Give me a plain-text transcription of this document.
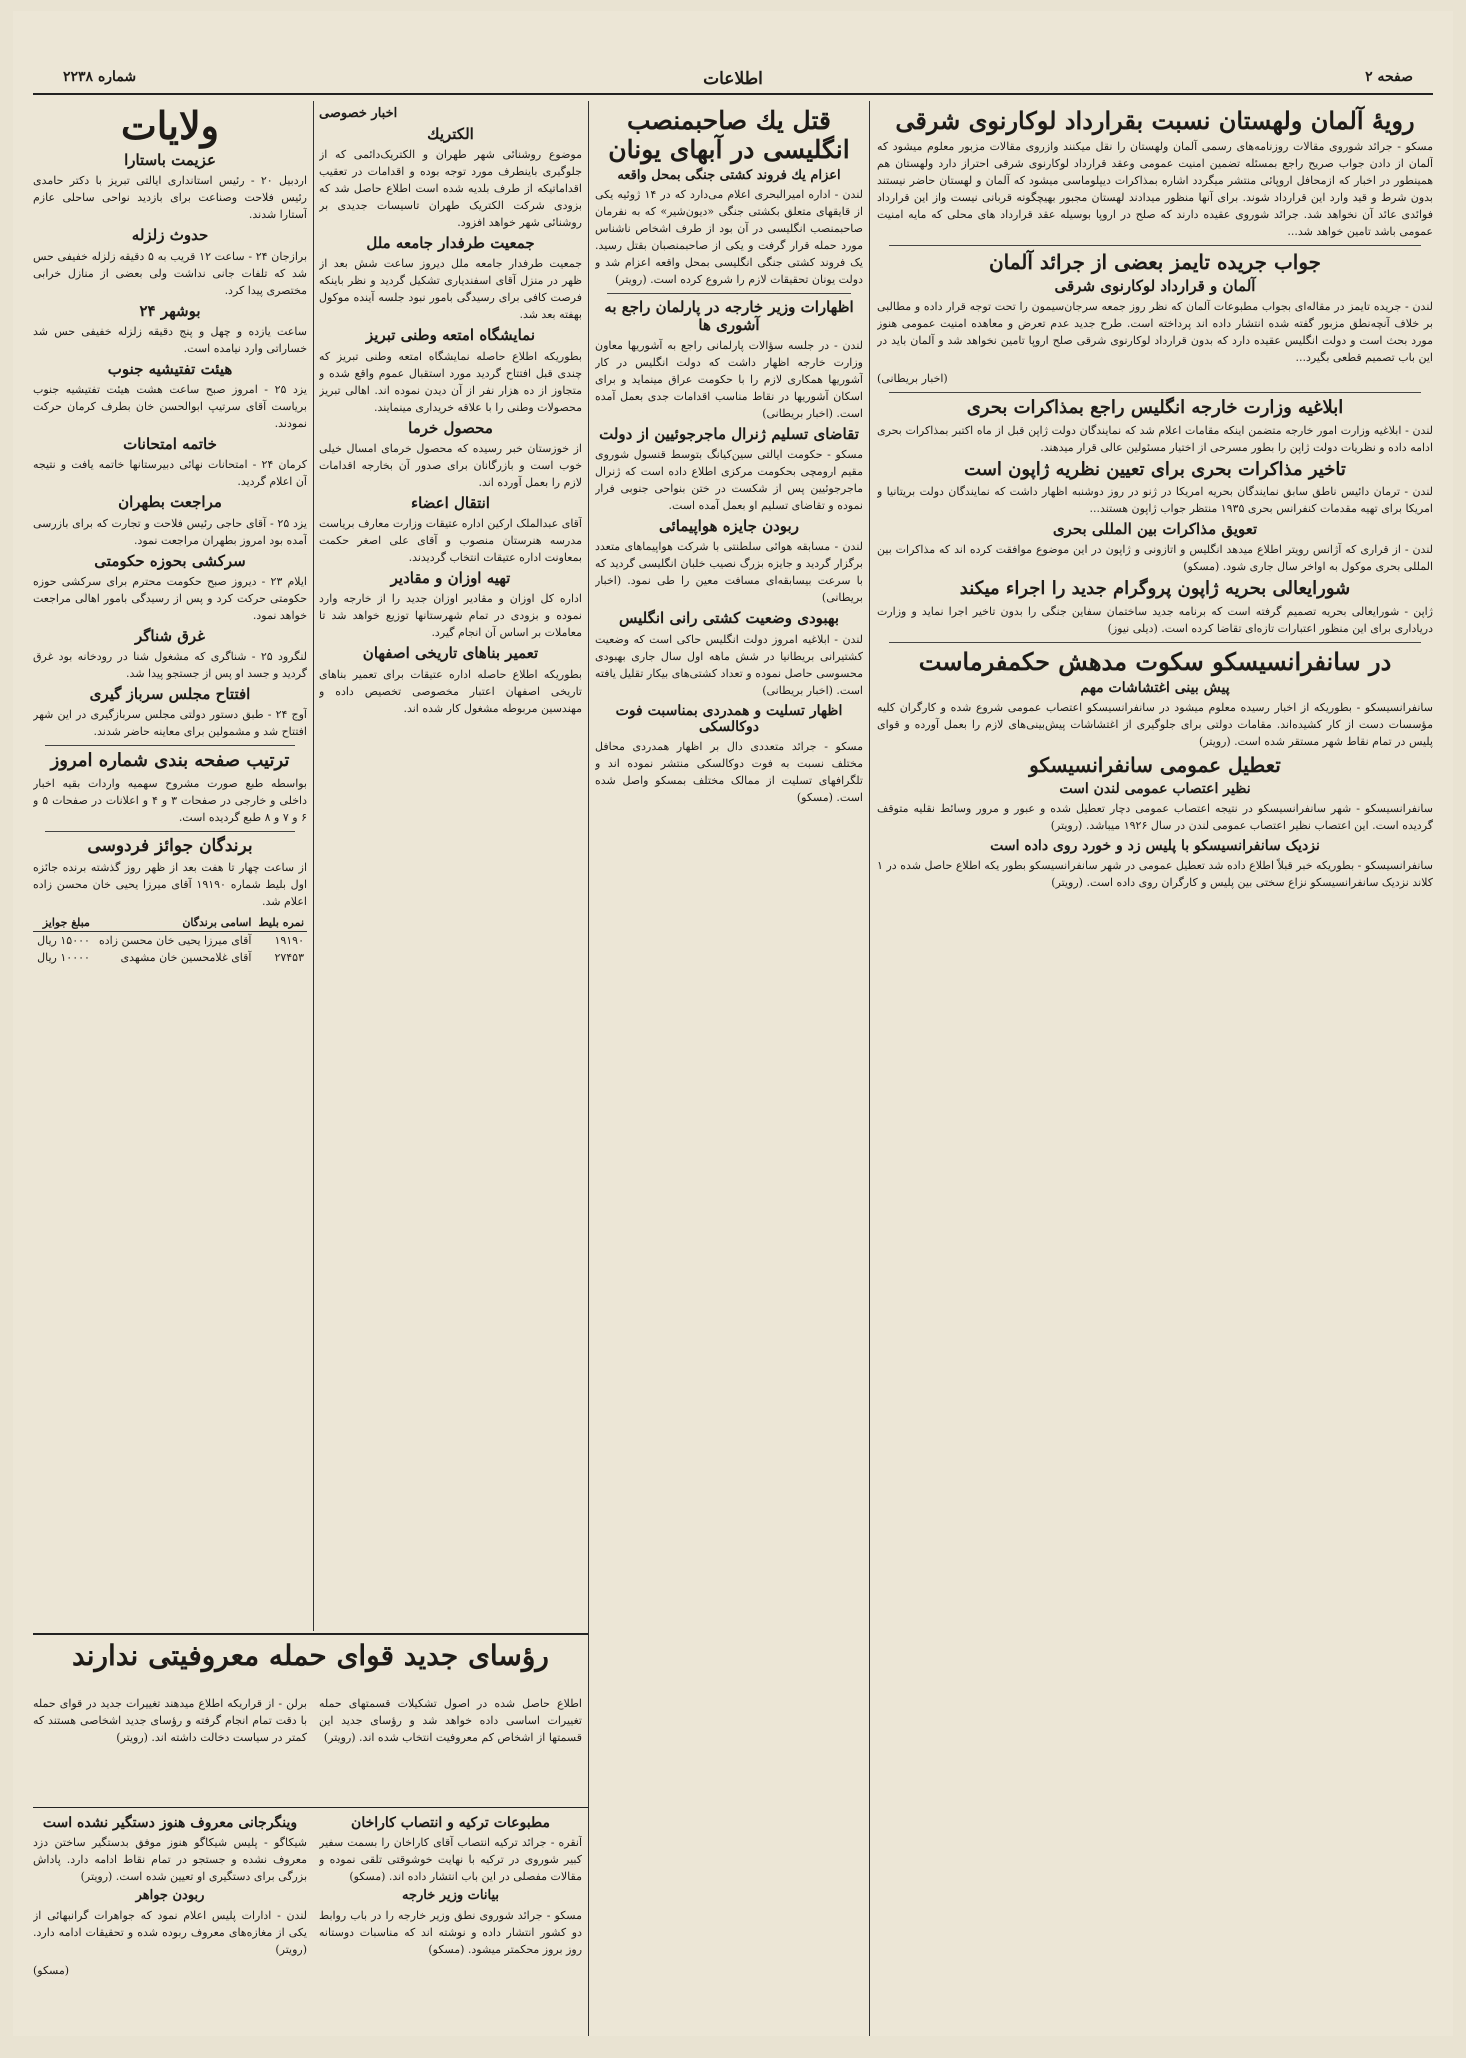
شماره ۲۲۳۸	اطلاعات	صفحه ۲
رویهٔ آلمان ولهستان نسبت بقرارداد لوکارنوی شرقی

مسکو - جرائد شوروی مقالات روزنامه‌های رسمی آلمان ولهستان را نقل میکنند وازروی مقالات مزبور معلوم میشود که آلمان از دادن جواب صریح راجع بمسئله تضمین امنیت عمومی وعقد قرارداد لوکارنوی شرقی احتراز دارد ولهستان هم همینطور در اخبار که ازمحافل اروپائی منتشر میگردد اشاره بمذاکرات دیپلوماسی میشود که آلمان و لهستان حاضر نیستند بدون شرط و قید وارد این قرارداد شوند. برای آنها منظور میدادند لهستان مجبور بهیچگونه قربانی نیست واز این قرارداد فوائدی عائد آن نخواهد شد. جرائد شوروی عقیده دارند که صلح در اروپا بوسیله عقد قرارداد های محلی که مایه امنیت عمومی باشد تامین خواهد شد...

جواب جریده تایمز بعضی از جرائد آلمان
آلمان و قرارداد لوکارنوی شرقی

لندن - جریده تایمز در مقاله‌ای بجواب مطبوعات آلمان که نظر روز جمعه سرجان‌سیمون را تحت توجه قرار داده و مطالبی بر خلاف آنچه‌نطق مزبور گفته شده انتشار داده اند پرداخته است. طرح جدید عدم تعرض و معاهده امنیت عمومی هنوز مورد بحث است و دولت انگلیس عقیده دارد که بدون قرارداد لوکارنوی شرقی صلح اروپا تامین نخواهد شد و آلمان باید در این باب تصمیم قطعی بگیرد...

(اخبار بریطانی)

ابلاغیه وزارت خارجه انگلیس راجع بمذاکرات بحری

لندن - ابلاغیه وزارت امور خارجه متضمن اینکه مقامات اعلام شد که نمایندگان دولت ژاپن قبل از ماه اکتبر بمذاکرات بحری ادامه داده و نظریات دولت ژاپن را بطور مسرحی از اختیار مسئولین عالی قرار میدهند.

تاخیر مذاکرات بحری برای تعیین نظریه ژاپون است

لندن - ترمان دائیس ناطق سابق نمایندگان بحریه امریکا در ژنو در روز دوشنبه اظهار داشت که نمایندگان دولت بریتانیا و امریکا برای تهیه مقدمات کنفرانس بحری ۱۹۳۵ منتظر جواب ژاپون هستند...

تعویق مذاکرات بین المللی بحری

لندن - از قراری که آژانس رویتر اطلاع میدهد انگلیس و اتازونی و ژاپون در این موضوع موافقت کرده اند که مذاکرات بین المللی بحری موکول به اواخر سال جاری شود. (مسکو)

شورایعالی بحریه ژاپون پروگرام جدید را اجراء میکند

ژاپن - شورایعالی بحریه تصمیم گرفته است که برنامه جدید ساختمان سفاین جنگی را بدون تاخیر اجرا نماید و وزارت دریاداری برای این منظور اعتبارات تازه‌ای تقاضا کرده است. (دیلی نیوز)

در سانفرانسیسکو سکوت مدهش حکمفرماست
پیش بینی اغتشاشات مهم

سانفرانسیسکو - بطوریکه از اخبار رسیده معلوم میشود در سانفرانسیسکو اعتصاب عمومی شروع شده و کارگران کلیه مؤسسات دست از کار کشیده‌اند. مقامات دولتی برای جلوگیری از اغتشاشات پیش‌بینی‌های لازم را بعمل آورده و قوای پلیس در تمام نقاط شهر مستقر شده است. (رویتر)

تعطیل عمومی سانفرانسیسکو
نظیر اعتصاب عمومی لندن است

سانفرانسیسکو - شهر سانفرانسیسکو در نتیجه اعتصاب عمومی دچار تعطیل شده و عبور و مرور وسائط نقلیه متوقف گردیده است. این اعتصاب نظیر اعتصاب عمومی لندن در سال ۱۹۲۶ میباشد. (رویتر)

نزدیک سانفرانسیسکو با پلیس زد و خورد روی داده است

سانفرانسیسکو - بطوریکه خبر قبلاً اطلاع داده شد تعطیل عمومی در شهر سانفرانسیسکو بطور یکه اطلاع حاصل شده در ۱ کلاند نزدیک سانفرانسیسکو نزاع سختی بین پلیس و کارگران روی داده است. (رویتر)

قتل یك صاحبمنصب انگلیسی در آبهای یونان
اعزام یك فروند کشتی جنگی بمحل واقعه

لندن - اداره امیرالبحری اعلام می‌دارد که در ۱۴ ژوئیه یکی از قایقهای متعلق بکشتی جنگی «دیون‌شیر» که به نفرمان صاحبمنصب انگلیسی در آن بود از طرف اشخاص ناشناس مورد حمله قرار گرفت و یکی از صاحبمنصبان بقتل رسید. یک فروند کشتی جنگی انگلیسی بمحل واقعه اعزام شد و دولت یونان تحقیقات لازم را شروع کرده است. (رویتر)

اظهارات وزیر خارجه در پارلمان راجع به آشوری ها

لندن - در جلسه سؤالات پارلمانی راجع به آشوریها معاون وزارت خارجه اظهار داشت که دولت انگلیس در کار آشوریها همکاری لازم را با حکومت عراق مینماید و برای اسکان آشوریها در نقاط مناسب اقدامات جدی بعمل آمده است. (اخبار بریطانی)

تقاضای تسلیم ژنرال ماجرجوئیین از دولت

مسکو - حکومت ایالتی سین‌کیانگ بتوسط قنسول شوروی مقیم ارومچی بحکومت مرکزی اطلاع داده است که ژنرال ماجرجوئیین پس از شکست در ختن بنواحی جنوبی فرار نموده و تقاضای تسلیم او بعمل آمده است.

ربودن جایزه هواپیمائی

لندن - مسابقه هوائی سلطنتی با شرکت هواپیماهای متعدد برگزار گردید و جایزه بزرگ نصیب خلبان انگلیسی گردید که با سرعت بیسابقه‌ای مسافت معین را طی نمود. (اخبار بریطانی)

بهبودی وضعیت کشتی رانی انگلیس

لندن - ابلاغیه امروز دولت انگلیس حاکی است که وضعیت کشتیرانی بریطانیا در شش ماهه اول سال جاری بهبودی محسوسی حاصل نموده و تعداد کشتی‌های بیکار تقلیل یافته است. (اخبار بریطانی)

اظهار تسلیت و همدردی بمناسبت فوت دوکالسکی

مسکو - جرائد متعددی دال بر اظهار همدردی محافل مختلف نسبت به فوت دوکالسکی منتشر نموده اند و تلگرافهای تسلیت از ممالک مختلف بمسکو واصل شده است. (مسکو)

اخبار خصوصی
الکتریك

موضوع روشنائی شهر طهران و الکتریک‌دائمی که از جلوگیری باینطرف مورد توجه بوده و اقدامات در تعقیب اقداماتیکه از طرف بلدیه شده است اطلاع حاصل شد که بزودی شرکت الکتریک طهران تاسیسات جدیدی بر روشنائی شهر خواهد افزود.

جمعیت طرفدار جامعه ملل

جمعیت طرفدار جامعه ملل دیروز ساعت شش بعد از ظهر در منزل آقای اسفندیاری تشکیل گردید و نظر باینکه فرصت کافی برای رسیدگی بامور نبود جلسه آینده موکول بهفته بعد شد.

نمایشگاه امتعه وطنی تبریز

بطوریکه اطلاع حاصله نمایشگاه امتعه وطنی تبریز که چندی قبل افتتاح گردید مورد استقبال عموم واقع شده و متجاوز از ده هزار نفر از آن دیدن نموده اند. اهالی تبریز محصولات وطنی را با علاقه خریداری مینمایند.

محصول خرما

از خوزستان خبر رسیده که محصول خرمای امسال خیلی خوب است و بازرگانان برای صدور آن بخارجه اقدامات لازم را بعمل آورده اند.

انتقال اعضاء

آقای عبدالملک ارکین اداره عتیقات وزارت معارف بریاست مدرسه هنرستان منصوب و آقای علی اصغر حکمت بمعاونت اداره عتیقات انتخاب گردیدند.

تهیه اوزان و مقادیر

اداره کل اوزان و مقادیر اوزان جدید را از خارجه وارد نموده و بزودی در تمام شهرستانها توزیع خواهد شد تا معاملات بر اساس آن انجام گیرد.

تعمیر بناهای تاریخی اصفهان

بطوریکه اطلاع حاصله اداره عتیقات برای تعمیر بناهای تاریخی اصفهان اعتبار مخصوصی تخصیص داده و مهندسین مربوطه مشغول کار شده اند.

ولایات
عزیمت باستارا

اردبیل ۲۰ - رئیس استانداری ایالتی تبریز با دکتر حامدی رئیس فلاحت وصناعت برای بازدید نواحی ساحلی عازم آستارا شدند.

حدوث زلزله

برازجان ۲۴ - ساعت ۱۲ قریب به ۵ دقیقه زلزله خفیفی حس شد که تلفات جانی نداشت ولی بعضی از منازل خرابی مختصری پیدا کرد.

بوشهر ۲۴

ساعت یازده و چهل و پنج دقیقه زلزله خفیفی حس شد خساراتی وارد نیامده است.

هیئت تفتیشیه جنوب

یزد ۲۵ - امروز صبح ساعت هشت هیئت تفتیشیه جنوب بریاست آقای سرتیپ ابوالحسن خان بطرف کرمان حرکت نمودند.

خاتمه امتحانات

کرمان ۲۴ - امتحانات نهائی دبیرستانها خاتمه یافت و نتیجه آن اعلام گردید.

مراجعت بطهران

یزد ۲۵ - آقای حاجی رئیس فلاحت و تجارت که برای بازرسی آمده بود امروز بطهران مراجعت نمود.

سرکشی بحوزه حکومتی

ایلام ۲۳ - دیروز صبح حکومت محترم برای سرکشی حوزه حکومتی حرکت کرد و پس از رسیدگی بامور اهالی مراجعت خواهد نمود.

غرق شناگر

لنگرود ۲۵ - شناگری که مشغول شنا در رودخانه بود غرق گردید و جسد او پس از جستجو پیدا شد.

افتتاح مجلس سرباز گیری

آوج ۲۴ - طبق دستور دولتی مجلس سربازگیری در این شهر افتتاح شد و مشمولین برای معاینه حاضر شدند.

ترتیب صفحه بندی شماره امروز

بواسطه طبع صورت مشروح سهمیه واردات بقیه اخبار داخلی و خارجی در صفحات ۳ و ۴ و اعلانات در صفحات ۵ و ۶ و ۷ و ۸ طبع گردیده است.

برندگان جوائز فردوسی

از ساعت چهار تا هفت بعد از ظهر روز گذشته برنده جائزه اول بلیط شماره ۱۹۱۹۰ آقای میرزا یحیی خان محسن زاده اعلام شد.

نمره بلیط	اسامی برندگان	مبلغ جوایز
۱۹۱۹۰	آقای میرزا یحیی خان محسن زاده	۱۵۰۰۰ ریال
۲۷۴۵۳	آقای غلامحسین خان مشهدی	۱۰۰۰۰ ریال
رؤسای جدید قوای حمله معروفیتی ندارند

اطلاع حاصل شده در اصول تشکیلات قسمتهای حمله تغییرات اساسی داده خواهد شد و رؤسای جدید این قسمتها از اشخاص کم معروفیت انتخاب شده اند. (رویتر)

برلن - از قراریکه اطلاع میدهند تغییرات جدید در قوای حمله با دقت تمام انجام گرفته و رؤسای جدید اشخاصی هستند که کمتر در سیاست دخالت داشته اند. (رویتر)

مطبوعات ترکیه و انتصاب کاراخان

آنقره - جرائد ترکیه انتصاب آقای کاراخان را بسمت سفیر کبیر شوروی در ترکیه با نهایت خوشوقتی تلقی نموده و مقالات مفصلی در این باب انتشار داده اند. (مسکو)

بیانات وزیر خارجه

مسکو - جرائد شوروی نطق وزیر خارجه را در باب روابط دو کشور انتشار داده و نوشته اند که مناسبات دوستانه روز بروز محکمتر میشود. (مسکو)

وینگرجانی معروف هنوز دستگیر نشده است

شیکاگو - پلیس شیکاگو هنوز موفق بدستگیر ساختن دزد معروف نشده و جستجو در تمام نقاط ادامه دارد. پاداش بزرگی برای دستگیری او تعیین شده است. (رویتر)

ربودن جواهر

لندن - ادارات پلیس اعلام نمود که جواهرات گرانبهائی از یکی از مغازه‌های معروف ربوده شده و تحقیقات ادامه دارد. (رویتر)

(مسکو)
